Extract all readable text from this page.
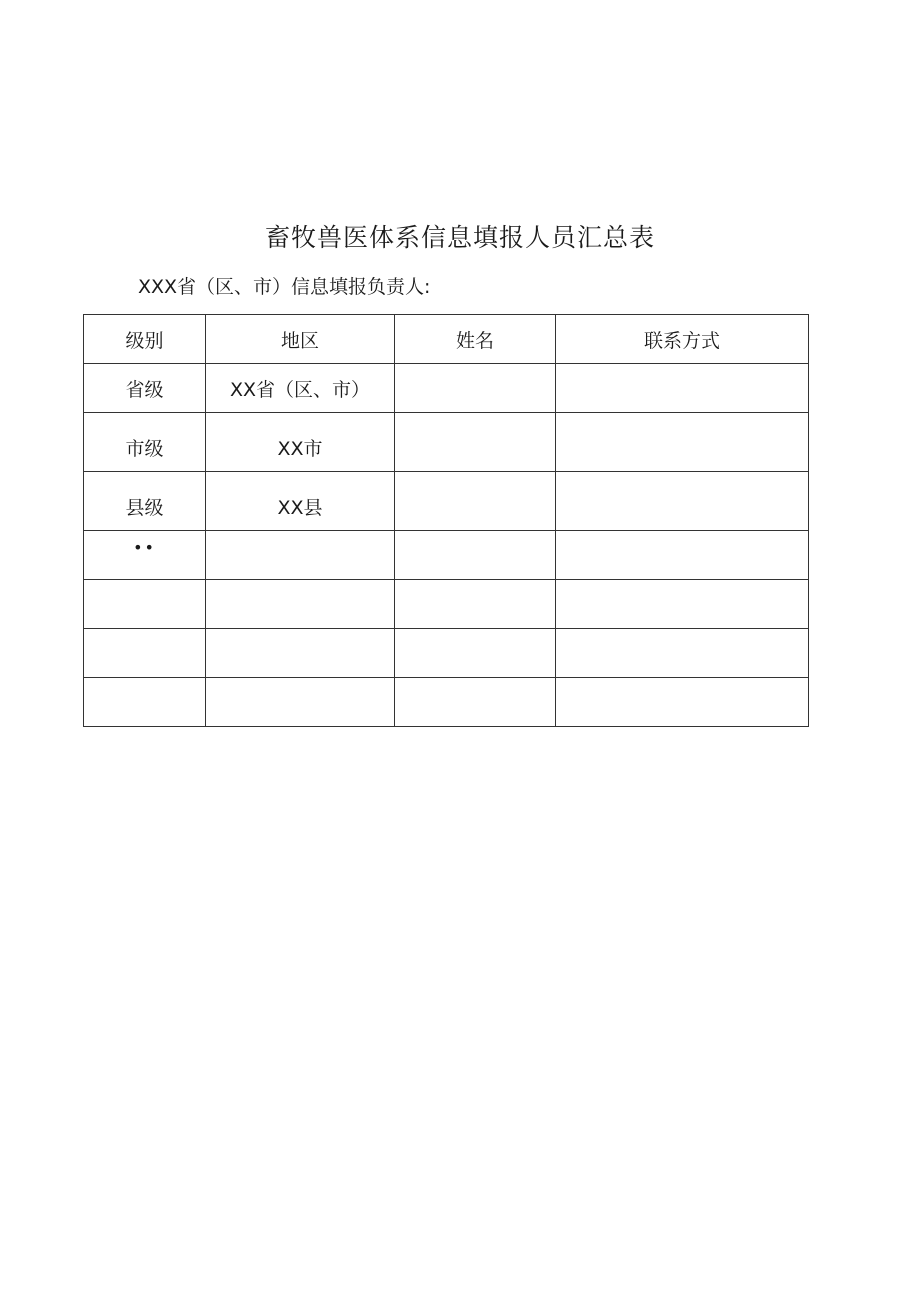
畜牧兽医体系信息填报人员汇总表

XXX省（区、市）信息填报负责人:

级别	地区	姓名	联系方式
省级	XX省（区、市）		
市级	XX市		
县级	XX县		
••			
